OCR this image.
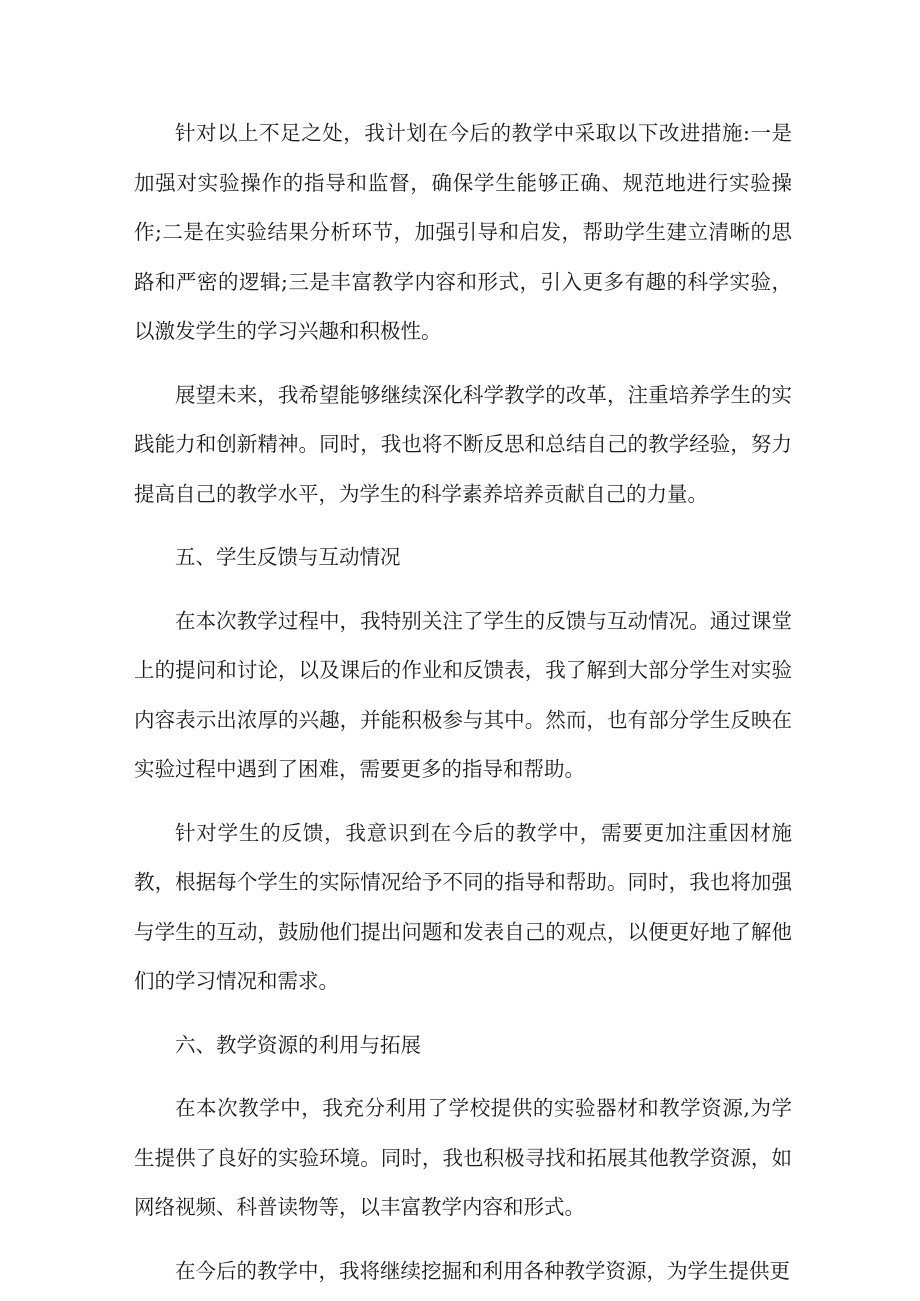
针对以上不足之处，我计划在今后的教学中采取以下改进措施:一是加强对实验操作的指导和监督，确保学生能够正确、规范地进行实验操作;二是在实验结果分析环节，加强引导和启发，帮助学生建立清晰的思路和严密的逻辑;三是丰富教学内容和形式，引入更多有趣的科学实验，以激发学生的学习兴趣和积极性。

展望未来，我希望能够继续深化科学教学的改革，注重培养学生的实践能力和创新精神。同时，我也将不断反思和总结自己的教学经验，努力提高自己的教学水平，为学生的科学素养培养贡献自己的力量。

五、学生反馈与互动情况

在本次教学过程中，我特别关注了学生的反馈与互动情况。通过课堂上的提问和讨论，以及课后的作业和反馈表，我了解到大部分学生对实验内容表示出浓厚的兴趣，并能积极参与其中。然而，也有部分学生反映在实验过程中遇到了困难，需要更多的指导和帮助。

针对学生的反馈，我意识到在今后的教学中，需要更加注重因材施教，根据每个学生的实际情况给予不同的指导和帮助。同时，我也将加强与学生的互动，鼓励他们提出问题和发表自己的观点，以便更好地了解他们的学习情况和需求。

六、教学资源的利用与拓展

在本次教学中，我充分利用了学校提供的实验器材和教学资源,为学生提供了良好的实验环境。同时，我也积极寻找和拓展其他教学资源，如网络视频、科普读物等，以丰富教学内容和形式。

在今后的教学中，我将继续挖掘和利用各种教学资源，为学生提供更
